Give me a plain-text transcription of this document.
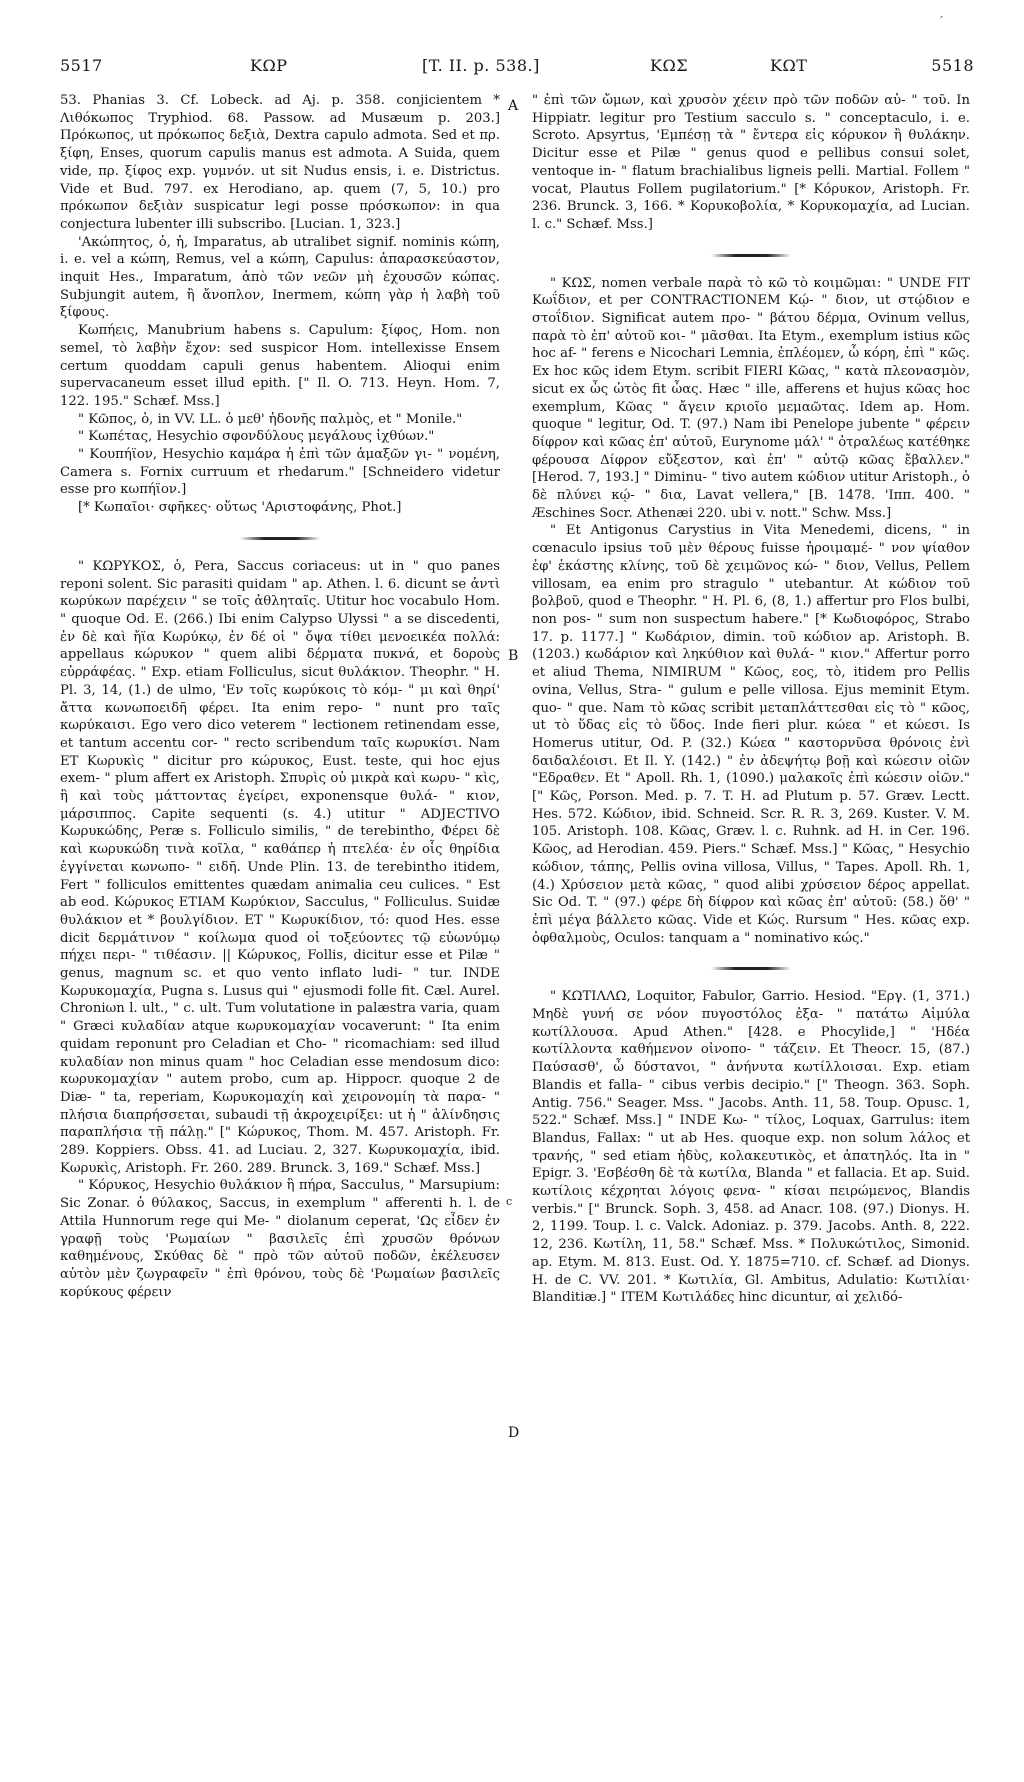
′
5517	ΚΩΡ	[T. II. p. 538.]	ΚΩΣ	ΚΩΤ	5518
A
B
c
D

53. Phanias 3. Cf. Lobeck. ad Aj. p. 358. conjicientem * Λιθόκωπος Tryphiod. 68. Passow. ad Musæum p. 203.] Πρόκωπος, ut πρόκωπος δεξιὰ, Dextra capulo admota. Sed et πρ. ξίφη, Enses, quorum capulis manus est admota. A Suida, quem vide, πρ. ξίφος exp. γυμνόν. ut sit Nudus ensis, i. e. Districtus. Vide et Bud. 797. ex Herodiano, ap. quem (7, 5, 10.) pro πρόκωπον δεξιὰν suspicatur legi posse πρόσκωπον: in qua conjectura lubenter illi subscribo. [Lucian. 1, 323.]

'Ακώπητος, ὁ, ἡ, Imparatus, ab utralibet signif. nominis κώπη, i. e. vel a κώπη, Remus, vel a κώπη, Capulus: ἀπαρασκεύαστον, inquit Hes., Imparatum, ἀπὸ τῶν νεῶν μὴ ἐχουσῶν κώπας. Subjungit autem, ἢ ἄνοπλον, Inermem, κώπη γὰρ ἡ λαβὴ τοῦ ξίφους.

Κωπήεις, Manubrium habens s. Capulum: ξίφος, Hom. non semel, τὸ λαβὴν ἔχον: sed suspicor Hom. intellexisse Ensem certum quoddam capuli genus habentem. Alioqui enim supervacaneum esset illud epith. [" Il. O. 713. Heyn. Hom. 7, 122. 195." Schæf. Mss.]

" Κῶπος, ὁ, in VV. LL. ὁ μεθ' ἡδονῆς παλμὸς, et " Monile."

" Κωπέτας, Hesychio σφονδύλους μεγάλους ἰχθύων."

" Κουπήϊον, Hesychio καμάρα ἡ ἐπὶ τῶν ἁμαξῶν γι- " νομένη, Camera s. Fornix curruum et rhedarum." [Schneidero videtur esse pro κωπήϊον.]

[* Κωπαῖοι· σφῆκες· οὕτως 'Αριστοφάνης, Phot.]

" ΚΩΡΥΚΟΣ, ὁ, Pera, Saccus coriaceus: ut in " quo panes reponi solent. Sic parasiti quidam " ap. Athen. l. 6. dicunt se ἀντὶ κωρύκων παρέχειν " se τοῖς ἀθληταῖς. Utitur hoc vocabulo Hom. " quoque Od. E. (266.) Ibi enim Calypso Ulyssi " a se discedenti, ἐν δὲ καὶ ἤϊα Κωρύκῳ, ἐν δέ οἱ " ὄψα τίθει μενοεικέα πολλά: appellaus κώρυκον " quem alibi δέρματα πυκνά, et δοροὺς εὐρράφέας. " Exp. etiam Folliculus, sicut θυλάκιον. Theophr. " H. Pl. 3, 14, (1.) de ulmo, 'Εν τοῖς κωρύκοις τὸ κόμ- " μι καὶ θηρί' ἄττα κωνωποειδῆ φέρει. Ita enim repo- " nunt pro ταῖς κωρύκαισι. Ego vero dico veterem " lectionem retinendam esse, et tantum accentu cor- " recto scribendum ταῖς κωρυκίσι. Nam ET Κωρυκὶς " dicitur pro κώρυκος, Eust. teste, qui hoc ejus exem- " plum affert ex Aristoph. Σπυρὶς οὐ μικρὰ καὶ κωρυ- " κὶς, ἣ καὶ τοὺς μάττοντας ἐγείρει, exponensque θυλά- " κιον, μάρσιππος. Capite sequenti (s. 4.) utitur " ADJECTIVO Κωρυκώδης, Peræ s. Folliculo similis, " de terebintho, Φέρει δὲ καὶ κωρυκώδη τινὰ κοῖλα, " καθάπερ ἡ πτελέα· ἐν οἷς θηρίδια ἐγγίνεται κωνωπο- " ειδῆ. Unde Plin. 13. de terebintho itidem, Fert " folliculos emittentes quædam animalia ceu culices. " Est ab eod. Κώρυκος ETIAM Κωρύκιον, Sacculus, " Folliculus. Suidæ θυλάκιον et * βουλγίδιον. ET " Κωρυκίδιον, τό: quod Hes. esse dicit δερμάτινον " κοίλωμα quod οἱ τοξεύοντες τῷ εὐωνύμῳ πήχει περι- " τιθέασιν. || Κώρυκος, Follis, dicitur esse et Pilæ " genus, magnum sc. et quo vento inflato ludi- " tur. INDE Κωρυκομαχία, Pugna s. Lusus qui " ejusmodi folle fit. Cæl. Aurel. Chroniωn l. ult., " c. ult. Tum volutatione in palæstra varia, quam " Græci κυλαδίαν atque κωρυκομαχίαν vocaverunt: " Ita enim quidam reponunt pro Celadian et Cho- " ricomachiam: sed illud κυλαδίαν non minus quam " hoc Celadian esse mendosum dico: κωρυκομαχίαν " autem probo, cum ap. Hippocr. quoque 2 de Diæ- " ta, reperiam, Κωρυκομαχίη καὶ χειρονομίη τὰ παρα- " πλήσια διαπρήσσεται, subaudi τῇ ἀκροχειρίξει: ut ἡ " ἁλίνδησις παραπλήσια τῇ πάλῃ." [" Κώρυκος, Thom. M. 457. Aristoph. Fr. 289. Koppiers. Obss. 41. ad Luciau. 2, 327. Κωρυκομαχία, ibid. Κωρυκὶς, Aristoph. Fr. 260. 289. Brunck. 3, 169." Schæf. Mss.]

" Κόρυκος, Hesychio θυλάκιον ἢ πήρα, Sacculus, " Marsupium: Sic Zonar. ὁ θύλακος, Saccus, in exemplum " afferenti h. l. de Attila Hunnorum rege qui Me- " diolanum ceperat, 'Ως εἶδεν ἐν γραφῇ τοὺς 'Ρωμαίων " βασιλεῖς ἐπὶ χρυσῶν θρόνων καθημένους, Σκύθας δὲ " πρὸ τῶν αὐτοῦ ποδῶν, ἐκέλευσεν αὐτὸν μὲν ζωγραφεῖν " ἐπὶ θρόνου, τοὺς δὲ 'Ρωμαίων βασιλεῖς κορύκους φέρειν

" ἐπὶ τῶν ὤμων, καὶ χρυσὸν χέειν πρὸ τῶν ποδῶν αὐ- " τοῦ. In Hippiatr. legitur pro Testium sacculo s. " conceptaculo, i. e. Scroto. Apsyrtus, 'Εμπέσῃ τὰ " ἔντερα εἰς κόρυκον ἢ θυλάκην. Dicitur esse et Pilæ " genus quod e pellibus consui solet, ventoque in- " flatum brachialibus ligneis pelli. Martial. Follem " vocat, Plautus Follem pugilatorium." [* Κόρυκον, Aristoph. Fr. 236. Brunck. 3, 166. * Κορυκοβολία, * Κορυκομαχία, ad Lucian. l. c." Schæf. Mss.]

" ΚΩΣ, nomen verbale παρὰ τὸ κῶ τὸ κοιμῶμαι: " UNDE FIT Κωΐδιον, et per CONTRACTIONEM Κῴ- " διον, ut στῴδιον e στοΐδιον. Significat autem προ- " βάτου δέρμα, Ovinum vellus, παρὰ τὸ ἐπ' αὐτοῦ κοι- " μᾶσθαι. Ita Etym., exemplum istius κῶς hoc af- " ferens e Nicochari Lemnia, ἐπλέομεν, ὦ κόρη, ἐπὶ " κῶς. Ex hoc κῶς idem Etym. scribit FIERI Κῶας, " κατὰ πλεονασμὸν, sicut ex ὦς ὠτὸς fit ὦας. Hæc " ille, afferens et hujus κῶας hoc exemplum, Κῶας " ἄγειν κριοῖο μεμαῶτας. Idem ap. Hom. quoque " legitur, Od. T. (97.) Nam ibi Penelope jubente " φέρειν δίφρον καὶ κῶας ἐπ' αὐτοῦ, Eurynome μάλ' " ὀτραλέως κατέθηκε φέρουσα Δίφρον εὔξεστον, καὶ ἐπ' " αὐτῷ κῶας ἔβαλλεν." [Herod. 7, 193.] " Diminu- " tivo autem κώδιον utitur Aristoph., ὁ δὲ πλύνει κῴ- " δια, Lavat vellera," [B. 1478. 'Ιππ. 400. " Æschines Socr. Athenæi 220. ubi v. nott." Schw. Mss.]

" Et Antigonus Carystius in Vita Menedemi, dicens, " in cœnaculo ipsius τοῦ μὲν θέρους fuisse ἠροιμαμέ- " νον ψίαθον ἐφ' ἑκάστης κλίνης, τοῦ δὲ χειμῶνος κώ- " διον, Vellus, Pellem villosam, ea enim pro stragulo " utebantur. At κώδιον τοῦ βολβοῦ, quod e Theophr. " H. Pl. 6, (8, 1.) affertur pro Flos bulbi, non pos- " sum non suspectum habere." [* Κωδιοφόρος, Strabo 17. p. 1177.] " Κωδάριον, dimin. τοῦ κώδιον ap. Aristoph. B. (1203.) κωδάριον καὶ ληκύθιον καὶ θυλά- " κιον." Affertur porro et aliud Thema, NIMIRUM " Κῶος, εος, τὸ, itidem pro Pellis ovina, Vellus, Stra- " gulum e pelle villosa. Ejus meminit Etym. quo- " que. Nam τὸ κῶας scribit μεταπλάττεσθαι εἰς τὸ " κῶος, ut τὸ ὕδας εἰς τὸ ὕδος. Inde fieri plur. κώεα " et κώεσι. Is Homerus utitur, Od. P. (32.) Κώεα " καστορνῦσα θρόνοις ἐνὶ δαιδαλέοισι. Et Il. Y. (142.) " ἐν ἀδεψήτῳ βοῇ καὶ κώεσιν οἰῶν "Εδραθεν. Et " Apoll. Rh. 1, (1090.) μαλακοῖς ἐπὶ κώεσιν οἰῶν." [" Κῶς, Porson. Med. p. 7. T. H. ad Plutum p. 57. Græv. Lectt. Hes. 572. Κώδιον, ibid. Schneid. Scr. R. R. 3, 269. Kuster. V. M. 105. Aristoph. 108. Κῶας, Græv. l. c. Ruhnk. ad H. in Cer. 196. Κῶος, ad Herodian. 459. Piers." Schæf. Mss.] " Κῶας, " Hesychio κώδιον, τάπης, Pellis ovina villosa, Villus, " Tapes. Apoll. Rh. 1, (4.) Χρύσειον μετὰ κῶας, " quod alibi χρύσειον δέρος appellat. Sic Od. T. " (97.) φέρε δὴ δίφρον καὶ κῶας ἐπ' αὐτοῦ: (58.) ὅθ' " ἐπὶ μέγα βάλλετο κῶας. Vide et Κώς. Rursum " Hes. κῶας exp. ὀφθαλμοὺς, Oculos: tanquam a " nominativo κώς."

" ΚΩΤΙΛΛΩ, Loquitor, Fabulor, Garrio. Hesiod. "Εργ. (1, 371.) Μηδὲ γυνή σε νόον πυγοστόλος ἐξα- " πατάτω Αἱμύλα κωτίλλουσα. Apud Athen." [428. e Phocylide,] " 'Ηδέα κωτίλλοντα καθήμενον οἰνοπο- " τάζειν. Et Theocr. 15, (87.) Παύσασθ', ὦ δύσταvoι, " ἀνήνυτα κωτίλλοισαι. Exp. etiam Blandis et falla- " cibus verbis decipio." [" Theogn. 363. Soph. Antig. 756." Seager. Mss. " Jacobs. Anth. 11, 58. Toup. Opusc. 1, 522." Schæf. Mss.] " INDE Κω- " τίλος, Loquax, Garrulus: item Blandus, Fallax: " ut ab Hes. quoque exp. non solum λάλος et τρανής, " sed etiam ἡδὺς, κολακευτικὸς, et ἀπατηλός. Ita in " Epigr. 3. 'Εσβέσθη δὲ τὰ κωτίλα, Blanda " et fallacia. Et ap. Suid. κωτίλοις κέχρηται λόγοις φενα- " κίσαι πειρώμενος, Blandis verbis." [" Brunck. Soph. 3, 458. ad Anacr. 108. (97.) Dionys. H. 2, 1199. Toup. l. c. Valck. Adoniaz. p. 379. Jacobs. Anth. 8, 222. 12, 236. Κωτίλη, 11, 58." Schæf. Mss. * Πολυκώτιλος, Simonid. ap. Etym. M. 813. Eust. Od. Y. 1875=710. cf. Schæf. ad Dionys. H. de C. VV. 201. * Κωτιλία, Gl. Ambitus, Adulatio: Κωτιλίαι· Blanditiæ.] " ITEM Κωτιλάδες hinc dicuntur, αἱ χελιδό-
